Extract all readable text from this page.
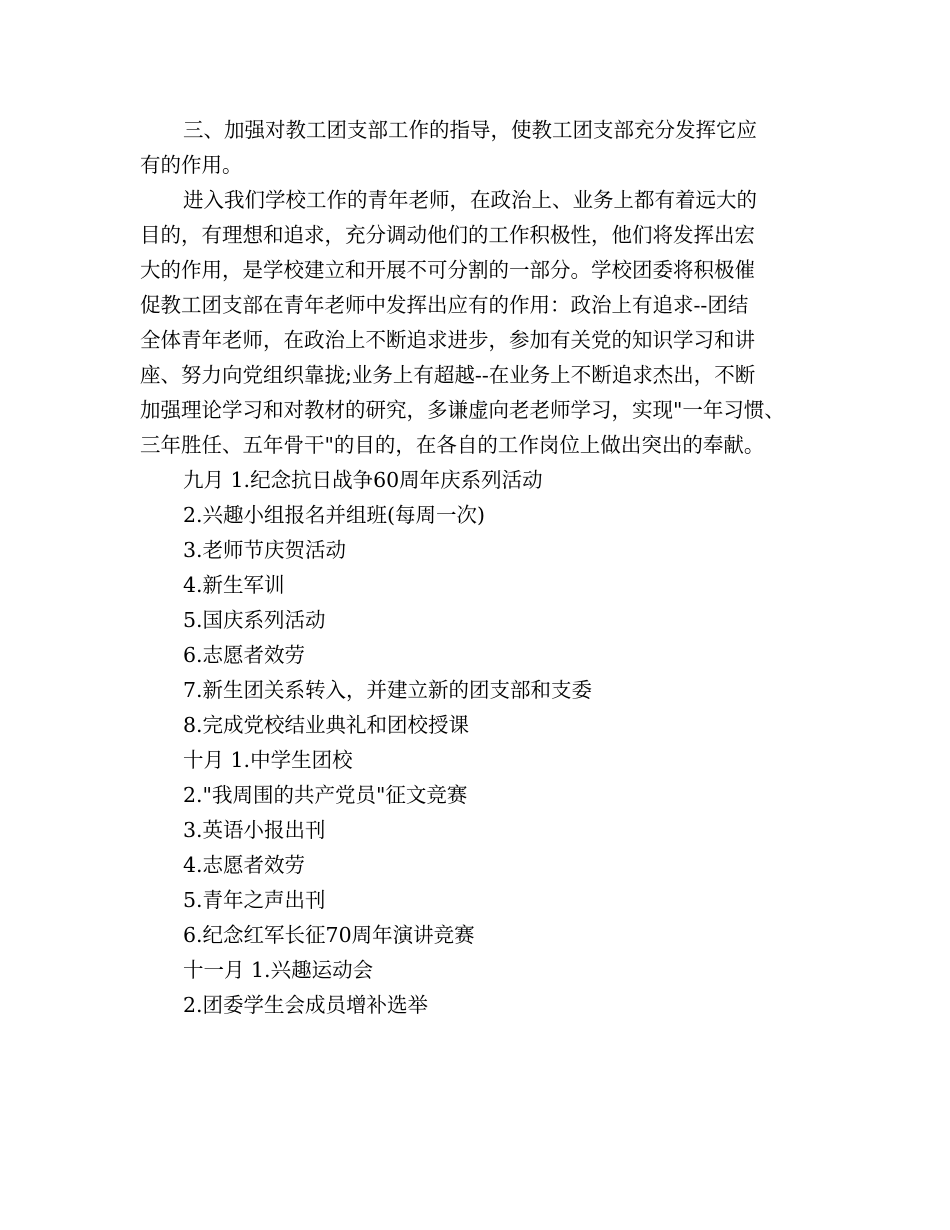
三、加强对教工团支部工作的指导，使教工团支部充分发挥它应
有的作用。

进入我们学校工作的青年老师，在政治上、业务上都有着远大的
目的，有理想和追求，充分调动他们的工作积极性，他们将发挥出宏
大的作用，是学校建立和开展不可分割的一部分。学校团委将积极催
促教工团支部在青年老师中发挥出应有的作用：政治上有追求--团结
全体青年老师，在政治上不断追求进步，参加有关党的知识学习和讲
座、努力向党组织靠拢;业务上有超越--在业务上不断追求杰出，不断
加强理论学习和对教材的研究，多谦虚向老老师学习，实现"一年习惯、
三年胜任、五年骨干"的目的，在各自的工作岗位上做出突出的奉献。

九月 1.纪念抗日战争60周年庆系列活动
2.兴趣小组报名并组班(每周一次)
3.老师节庆贺活动
4.新生军训
5.国庆系列活动
6.志愿者效劳
7.新生团关系转入，并建立新的团支部和支委
8.完成党校结业典礼和团校授课
十月 1.中学生团校
2."我周围的共产党员"征文竞赛
3.英语小报出刊
4.志愿者效劳
5.青年之声出刊
6.纪念红军长征70周年演讲竞赛
十一月 1.兴趣运动会
2.团委学生会成员增补选举
